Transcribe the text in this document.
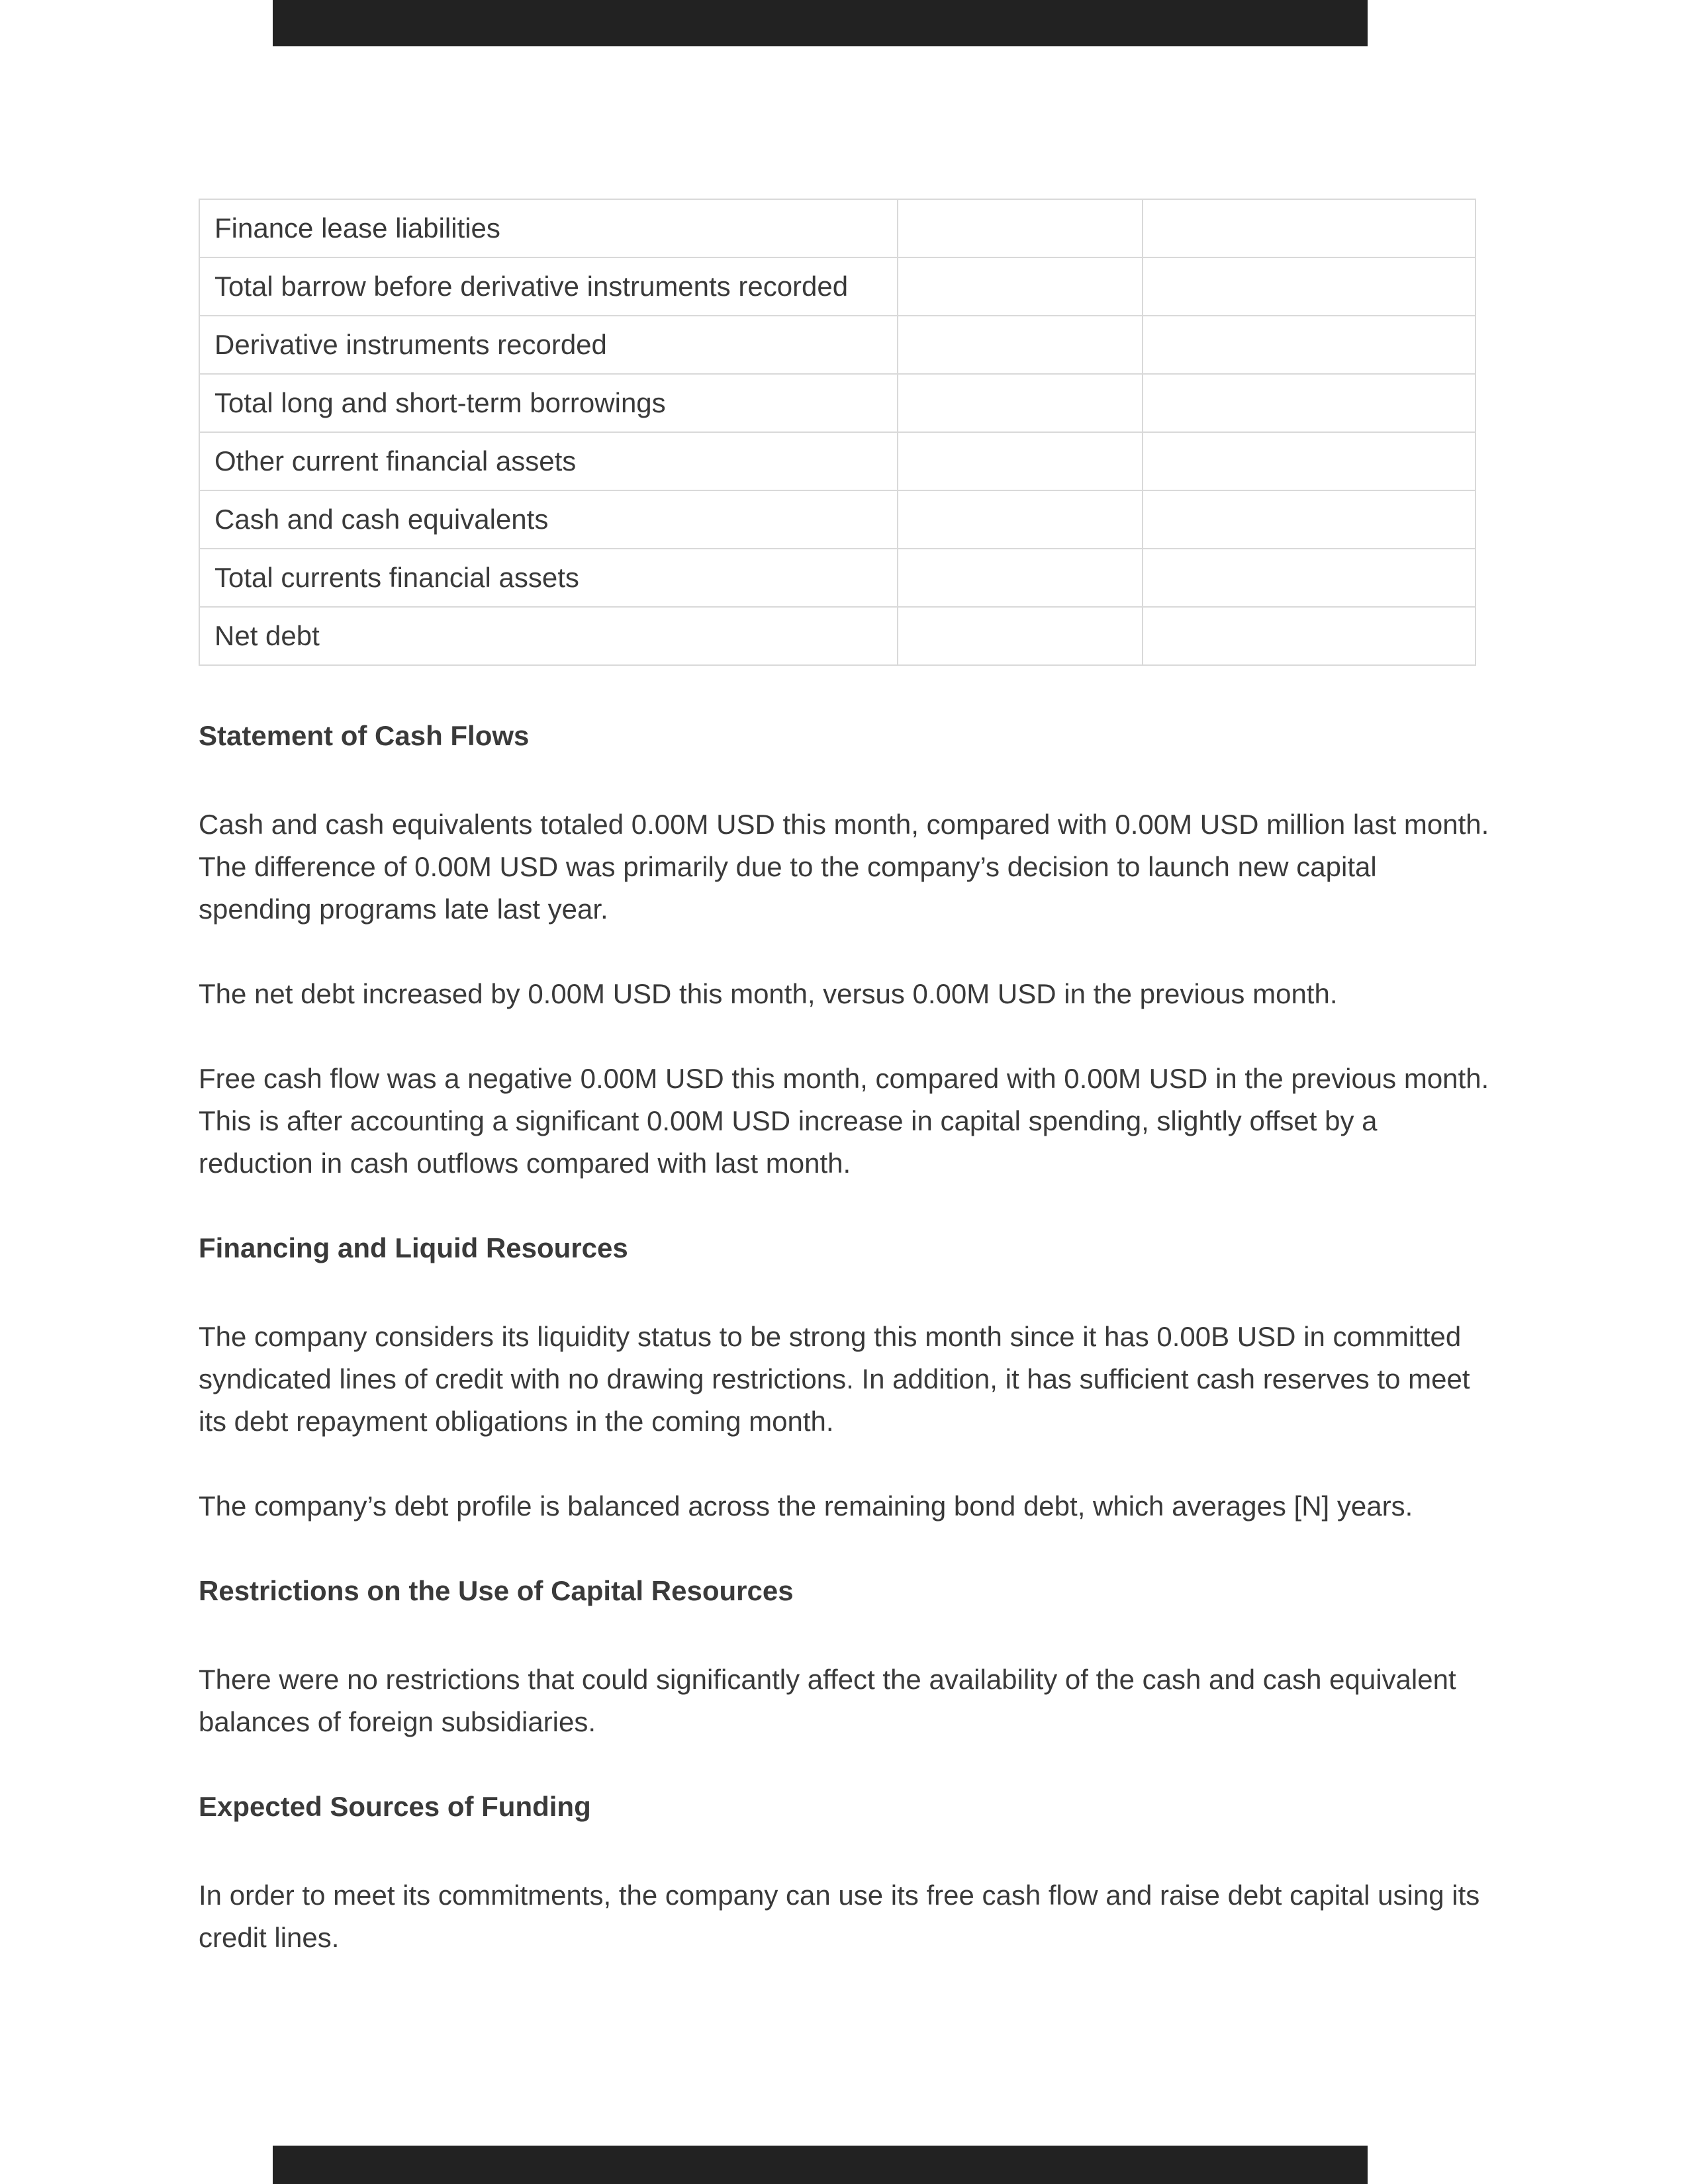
Finance lease liabilities		
Total barrow before derivative instruments recorded		
Derivative instruments recorded		
Total long and short-term borrowings		
Other current financial assets		
Cash and cash equivalents		
Total currents financial assets		
Net debt		
Statement of Cash Flows

Cash and cash equivalents totaled 0.00M USD this month, compared with 0.00M USD million last month. The difference of 0.00M USD was primarily due to the company’s decision to launch new capital spending programs late last year.

The net debt increased by 0.00M USD this month, versus 0.00M USD in the previous month.

Free cash flow was a negative 0.00M USD this month, compared with 0.00M USD in the previous month. This is after accounting a significant 0.00M USD increase in capital spending, slightly offset by a reduction in cash outflows compared with last month.

Financing and Liquid Resources

The company considers its liquidity status to be strong this month since it has 0.00B USD in committed syndicated lines of credit with no drawing restrictions. In addition, it has sufficient cash reserves to meet its debt repayment obligations in the coming month.

The company’s debt profile is balanced across the remaining bond debt, which averages [N] years.

Restrictions on the Use of Capital Resources

There were no restrictions that could significantly affect the availability of the cash and cash equivalent balances of foreign subsidiaries.

Expected Sources of Funding

In order to meet its commitments, the company can use its free cash flow and raise debt capital using its credit lines.
